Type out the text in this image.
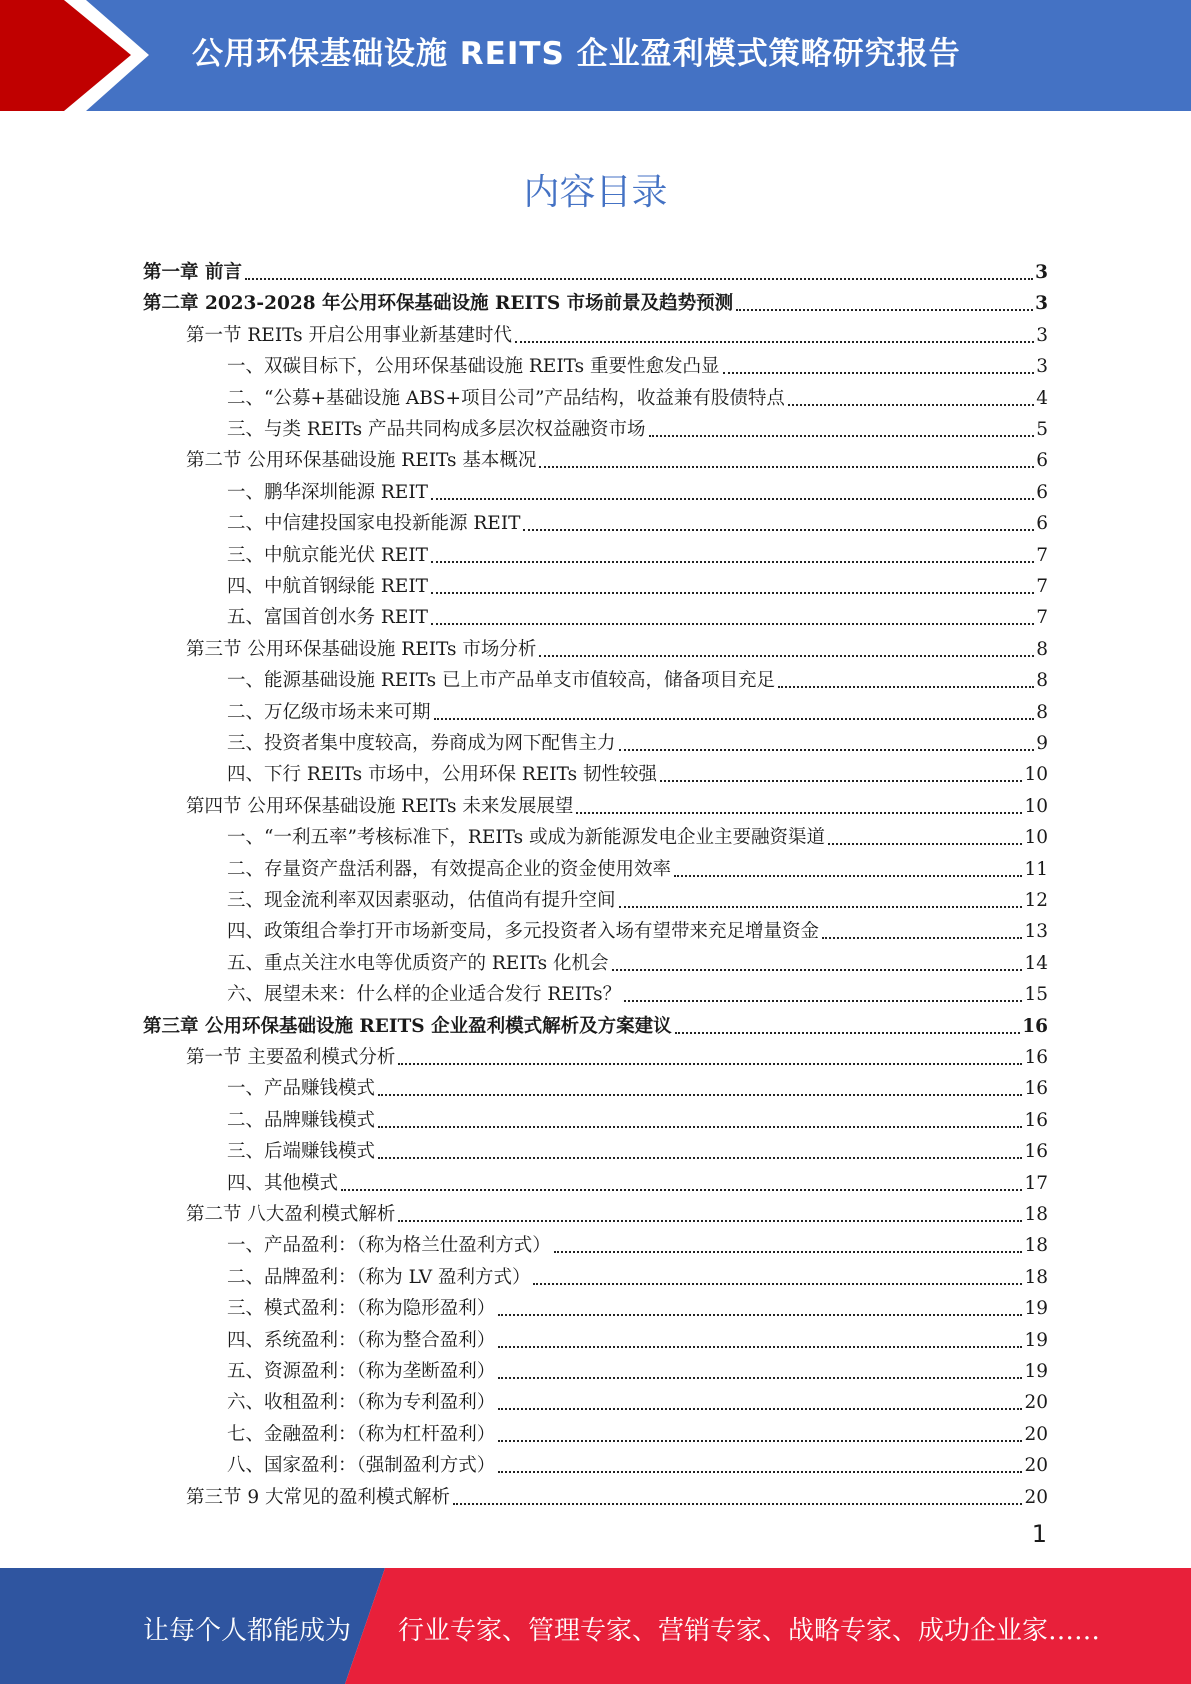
公用环保基础设施 REITS 企业盈利模式策略研究报告
内容目录
第一章 前言	3
第二章 2023-2028 年公用环保基础设施 REITS 市场前景及趋势预测	3
第一节 REITs 开启公用事业新基建时代	3
一、双碳目标下，公用环保基础设施 REITs 重要性愈发凸显	3
二、“公募+基础设施 ABS+项目公司”产品结构，收益兼有股债特点	4
三、与类 REITs 产品共同构成多层次权益融资市场	5
第二节 公用环保基础设施 REITs 基本概况	6
一、鹏华深圳能源 REIT	6
二、中信建投国家电投新能源 REIT	6
三、中航京能光伏 REIT	7
四、中航首钢绿能 REIT	7
五、富国首创水务 REIT	7
第三节 公用环保基础设施 REITs 市场分析	8
一、能源基础设施 REITs 已上市产品单支市值较高，储备项目充足	8
二、万亿级市场未来可期	8
三、投资者集中度较高，券商成为网下配售主力	9
四、下行 REITs 市场中，公用环保 REITs 韧性较强	10
第四节 公用环保基础设施 REITs 未来发展展望	10
一、“一利五率”考核标准下，REITs 或成为新能源发电企业主要融资渠道	10
二、存量资产盘活利器，有效提高企业的资金使用效率	11
三、现金流利率双因素驱动，估值尚有提升空间	12
四、政策组合拳打开市场新变局，多元投资者入场有望带来充足增量资金	13
五、重点关注水电等优质资产的 REITs 化机会	14
六、展望未来：什么样的企业适合发行 REITs？	15
第三章 公用环保基础设施 REITS 企业盈利模式解析及方案建议	16
第一节 主要盈利模式分析	16
一、产品赚钱模式	16
二、品牌赚钱模式	16
三、后端赚钱模式	16
四、其他模式	17
第二节 八大盈利模式解析	18
一、产品盈利：（称为格兰仕盈利方式）	18
二、品牌盈利：（称为 LV 盈利方式）	18
三、模式盈利：（称为隐形盈利）	19
四、系统盈利：（称为整合盈利）	19
五、资源盈利：（称为垄断盈利）	19
六、收租盈利：（称为专利盈利）	20
七、金融盈利：（称为杠杆盈利）	20
八、国家盈利：（强制盈利方式）	20
第三节 9 大常见的盈利模式解析	20
1
让每个人都能成为 行业专家、管理专家、营销专家、战略专家、成功企业家……
